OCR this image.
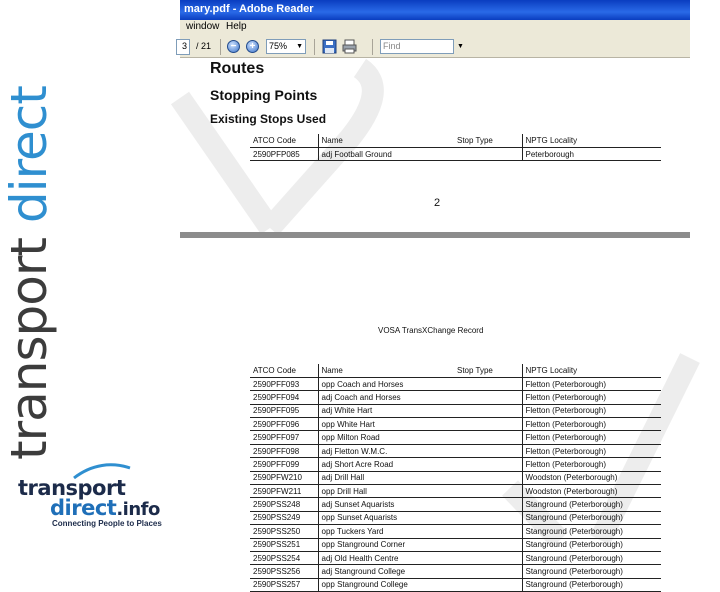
transport direct
transport
direct.info
Connecting People to Places
mary.pdf - Adobe Reader
window Help
3	/ 21	−	+	75% ▼	Find	▼
Routes
Stopping Points
Existing Stops Used
ATCO Code	Name	Stop Type	NPTG Locality
2590PFP085	adj Football Ground		Peterborough
2
VOSA TransXChange Record
ATCO Code	Name	Stop Type	NPTG Locality
2590PFF093	opp Coach and Horses		Fletton (Peterborough)
2590PFF094	adj Coach and Horses		Fletton (Peterborough)
2590PFF095	adj White Hart		Fletton (Peterborough)
2590PFF096	opp White Hart		Fletton (Peterborough)
2590PFF097	opp Milton Road		Fletton (Peterborough)
2590PFF098	adj Fletton W.M.C.		Fletton (Peterborough)
2590PFF099	adj Short Acre Road		Fletton (Peterborough)
2590PFW210	adj Drill Hall		Woodston (Peterborough)
2590PFW211	opp Drill Hall		Woodston (Peterborough)
2590PSS248	adj Sunset Aquarists		Stanground (Peterborough)
2590PSS249	opp Sunset Aquarists		Stanground (Peterborough)
2590PSS250	opp Tuckers Yard		Stanground (Peterborough)
2590PSS251	opp Stanground Corner		Stanground (Peterborough)
2590PSS254	adj Old Health Centre		Stanground (Peterborough)
2590PSS256	adj Stanground College		Stanground (Peterborough)
2590PSS257	opp Stanground College		Stanground (Peterborough)
